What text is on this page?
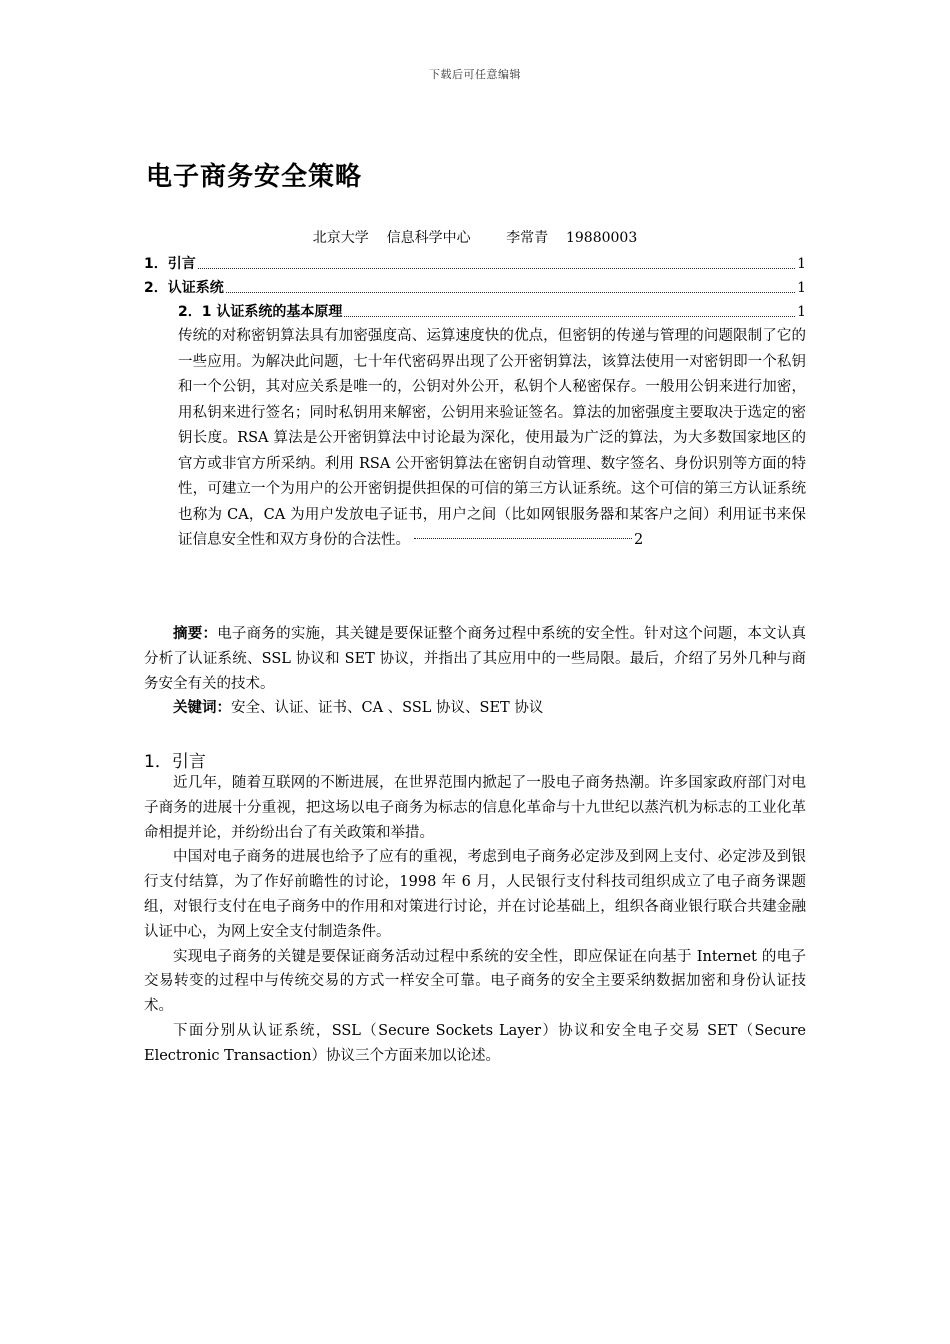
下载后可任意编辑
电子商务安全策略
北京大学    信息科学中心        李常青    19880003
1．引言	1
2．认证系统	1
2．1 认证系统的基本原理	1
传统的对称密钥算法具有加密强度高、运算速度快的优点，但密钥的传递与管理的问题限制了它的一些应用。为解决此问题，七十年代密码界出现了公开密钥算法，该算法使用一对密钥即一个私钥和一个公钥，其对应关系是唯一的，公钥对外公开，私钥个人秘密保存。一般用公钥来进行加密，用私钥来进行签名；同时私钥用来解密，公钥用来验证签名。算法的加密强度主要取决于选定的密钥长度。RSA 算法是公开密钥算法中讨论最为深化，使用最为广泛的算法，为大多数国家地区的官方或非官方所采纳。利用 RSA 公开密钥算法在密钥自动管理、数字签名、身份识别等方面的特性，可建立一个为用户的公开密钥提供担保的可信的第三方认证系统。这个可信的第三方认证系统也称为 CA，CA 为用户发放电子证书，用户之间（比如网银服务器和某客户之间）利用证书来保证信息安全性和双方身份的合法性。	2

摘要：电子商务的实施，其关键是要保证整个商务过程中系统的安全性。针对这个问题，本文认真分析了认证系统、SSL 协议和 SET 协议，并指出了其应用中的一些局限。最后，介绍了另外几种与商务安全有关的技术。

关键词：安全、认证、证书、CA 、SSL 协议、SET 协议

1．引言

近几年，随着互联网的不断进展，在世界范围内掀起了一股电子商务热潮。许多国家政府部门对电子商务的进展十分重视，把这场以电子商务为标志的信息化革命与十九世纪以蒸汽机为标志的工业化革命相提并论，并纷纷出台了有关政策和举措。

中国对电子商务的进展也给予了应有的重视，考虑到电子商务必定涉及到网上支付、必定涉及到银行支付结算，为了作好前瞻性的讨论，1998 年 6 月，人民银行支付科技司组织成立了电子商务课题组，对银行支付在电子商务中的作用和对策进行讨论，并在讨论基础上，组织各商业银行联合共建金融认证中心，为网上安全支付制造条件。

实现电子商务的关键是要保证商务活动过程中系统的安全性，即应保证在向基于 Internet 的电子交易转变的过程中与传统交易的方式一样安全可靠。电子商务的安全主要采纳数据加密和身份认证技术。

下面分别从认证系统，SSL（Secure Sockets Layer）协议和安全电子交易 SET（Secure Electronic Transaction）协议三个方面来加以论述。
